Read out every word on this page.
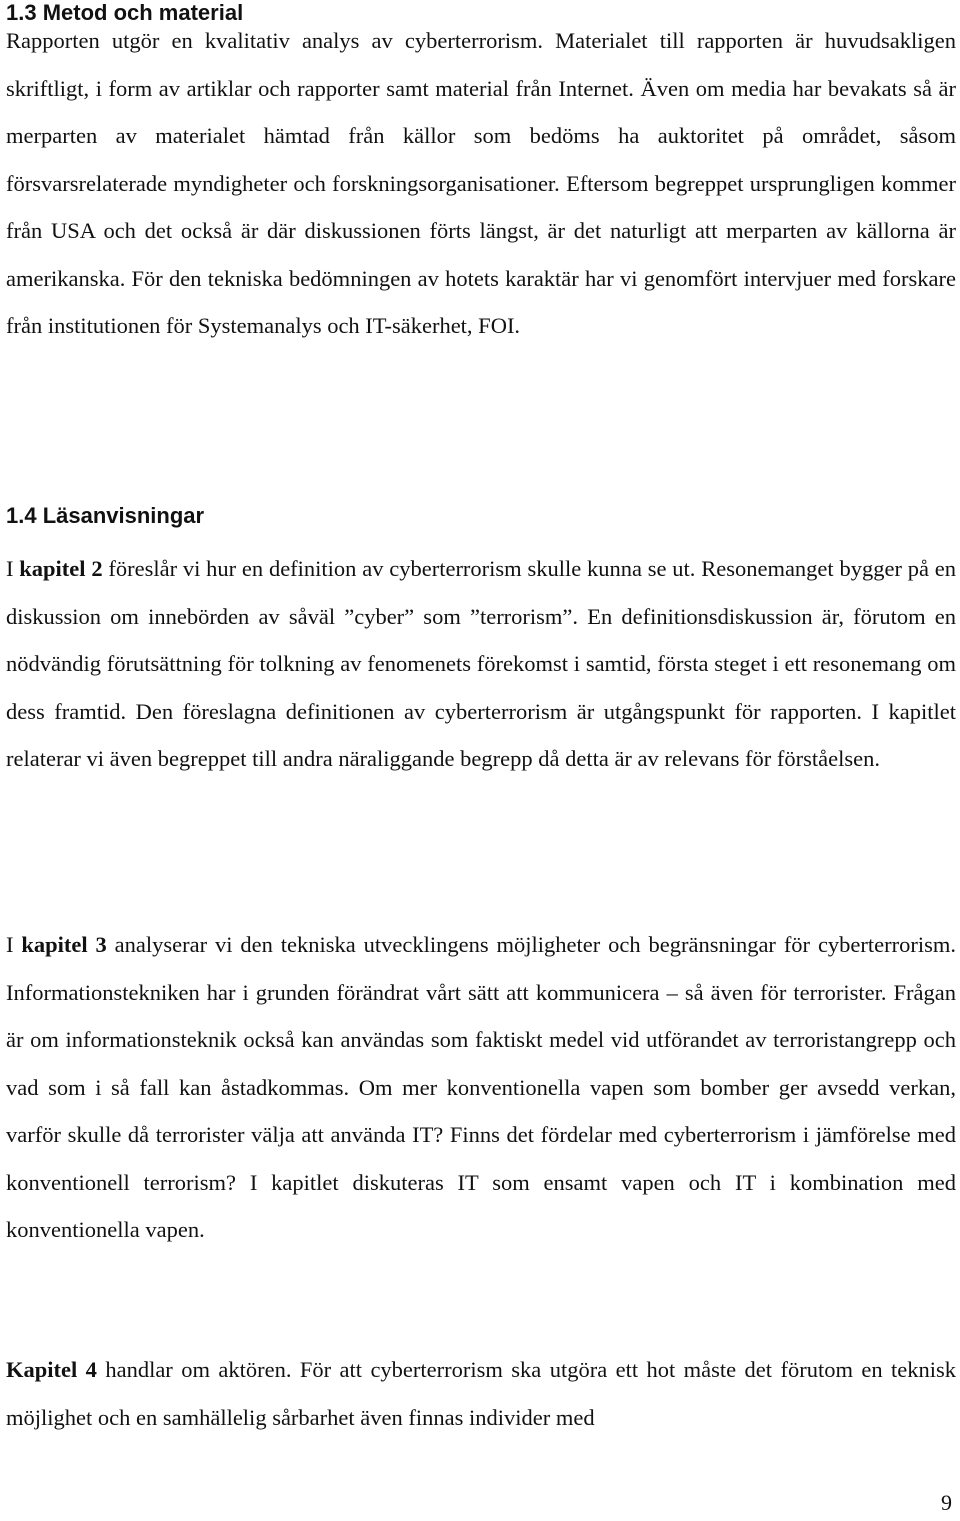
1.3 Metod och material

Rapporten utgör en kvalitativ analys av cyberterrorism. Materialet till rapporten är huvudsakligen skriftligt, i form av artiklar och rapporter samt material från Internet. Även om media har bevakats så är merparten av materialet hämtad från källor som bedöms ha auktoritet på området, såsom försvarsrelaterade myndigheter och forskningsorganisationer. Eftersom begreppet ursprungligen kommer från USA och det också är där diskussionen förts längst, är det naturligt att merparten av källorna är amerikanska. För den tekniska bedömningen av hotets karaktär har vi genomfört intervjuer med forskare från institutionen för Systemanalys och IT-säkerhet, FOI.

1.4 Läsanvisningar

I kapitel 2 föreslår vi hur en definition av cyberterrorism skulle kunna se ut. Resonemanget bygger på en diskussion om innebörden av såväl ”cyber” som ”terrorism”. En definitionsdiskussion är, förutom en nödvändig förutsättning för tolkning av fenomenets förekomst i samtid, första steget i ett resonemang om dess framtid. Den föreslagna definitionen av cyberterrorism är utgångspunkt för rapporten. I kapitlet relaterar vi även begreppet till andra näraliggande begrepp då detta är av relevans för förståelsen.

I kapitel 3 analyserar vi den tekniska utvecklingens möjligheter och begränsningar för cyberterrorism. Informationstekniken har i grunden förändrat vårt sätt att kommunicera – så även för terrorister. Frågan är om informationsteknik också kan användas som faktiskt medel vid utförandet av terroristangrepp och vad som i så fall kan åstadkommas. Om mer konventionella vapen som bomber ger avsedd verkan, varför skulle då terrorister välja att använda IT? Finns det fördelar med cyberterrorism i jämförelse med konventionell terrorism? I kapitlet diskuteras IT som ensamt vapen och IT i kombination med konventionella vapen.

Kapitel 4 handlar om aktören. För att cyberterrorism ska utgöra ett hot måste det förutom en teknisk möjlighet och en samhällelig sårbarhet även finnas individer med

9
